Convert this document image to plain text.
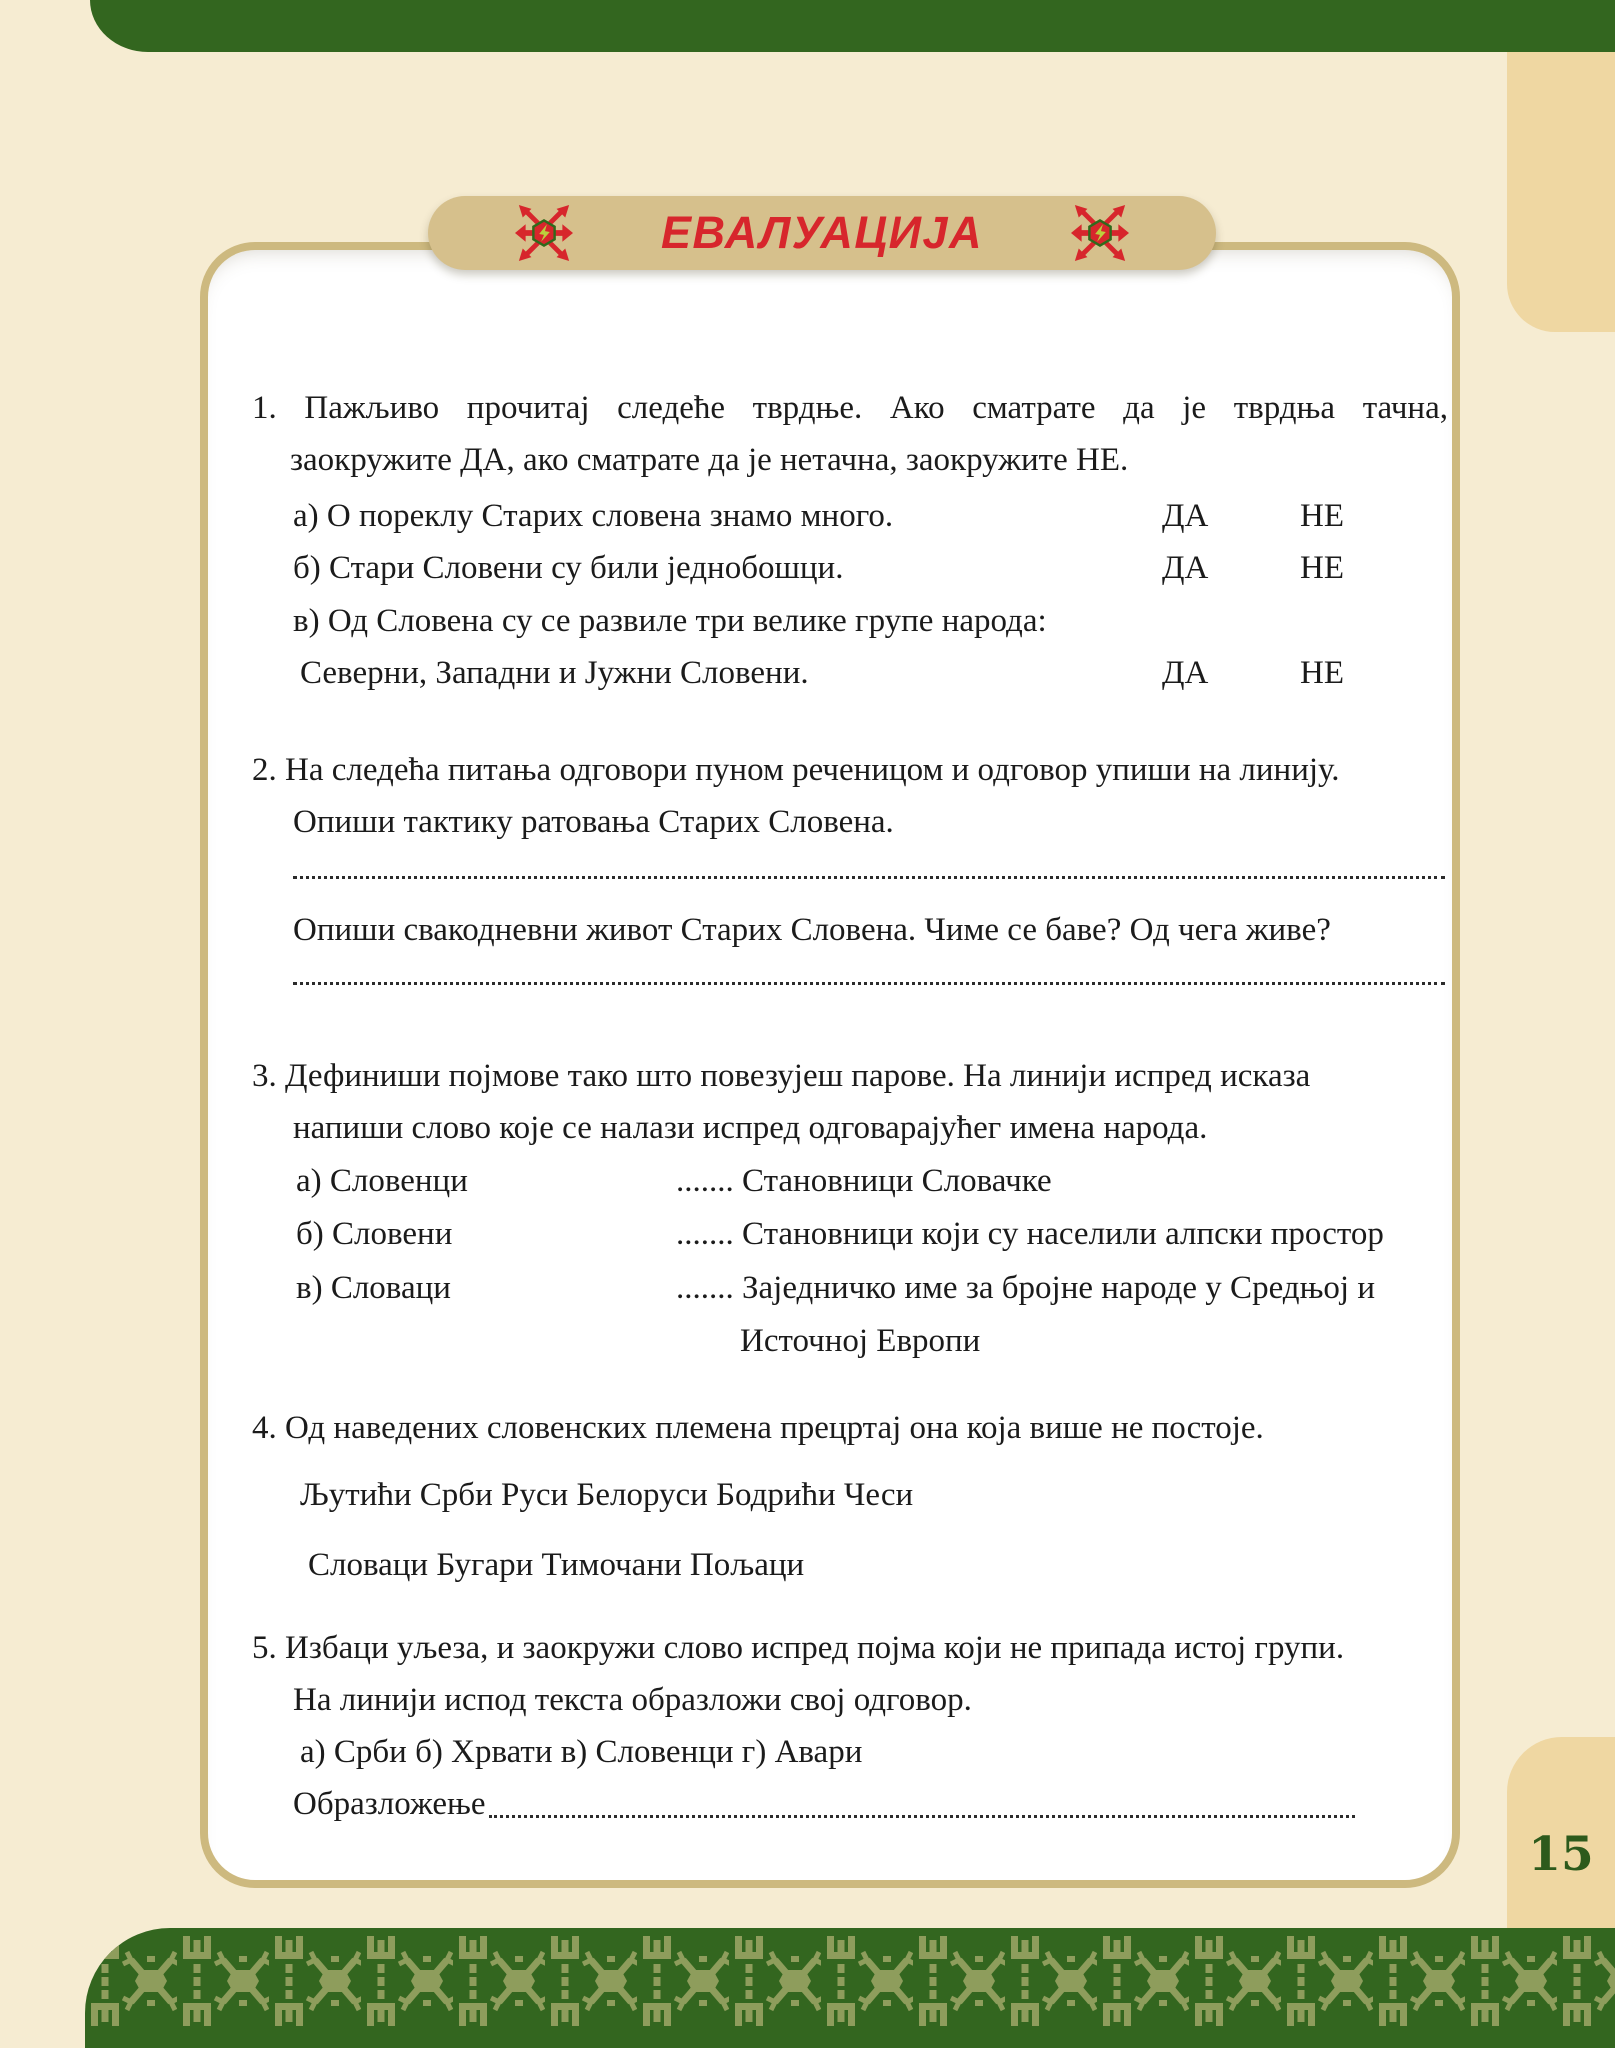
15
ЕВАЛУАЦИЈА
1. Пажљиво прочитај следеће тврдње. Ако сматрате да је тврдња тачна,
заокружите ДА, ако сматрате да је нетачна, заокружите НЕ.
а) О пореклу Старих словена знамо много.	ДА	НЕ
б) Стари Словени су били једнобошци.	ДА	НЕ
в) Од Словена су се развиле три велике групе народа:
Северни, Западни и Јужни Словени.	ДА	НЕ
2. На следећа питања одговори пуном реченицом и одговор упиши на линију.
Опиши тактику ратовања Старих Словена.
Опиши свакодневни живот Старих Словена. Чиме се баве? Од чега живе?
3. Дефиниши појмове тако што повезујеш парове. На линији испред исказа
напиши слово које се налази испред одговарајућег имена народа.
а) Словенци	....... Становници Словачке
б) Словени	....... Становници који су населили алпски простор
в) Словаци	....... Заједничко име за бројне народе у Средњој и
Источној Европи
4. Од наведених словенских племена прецртај она која више не постоје.
Љутићи Срби Руси Белоруси Бодрићи Чеси
Словаци Бугари Тимочани Пољаци
5. Избаци уљеза, и заокружи слово испред појма који не припада истој групи.
На линији испод текста образложи свој одговор.
а) Срби б) Хрвати в) Словенци г) Авари
Образложење
